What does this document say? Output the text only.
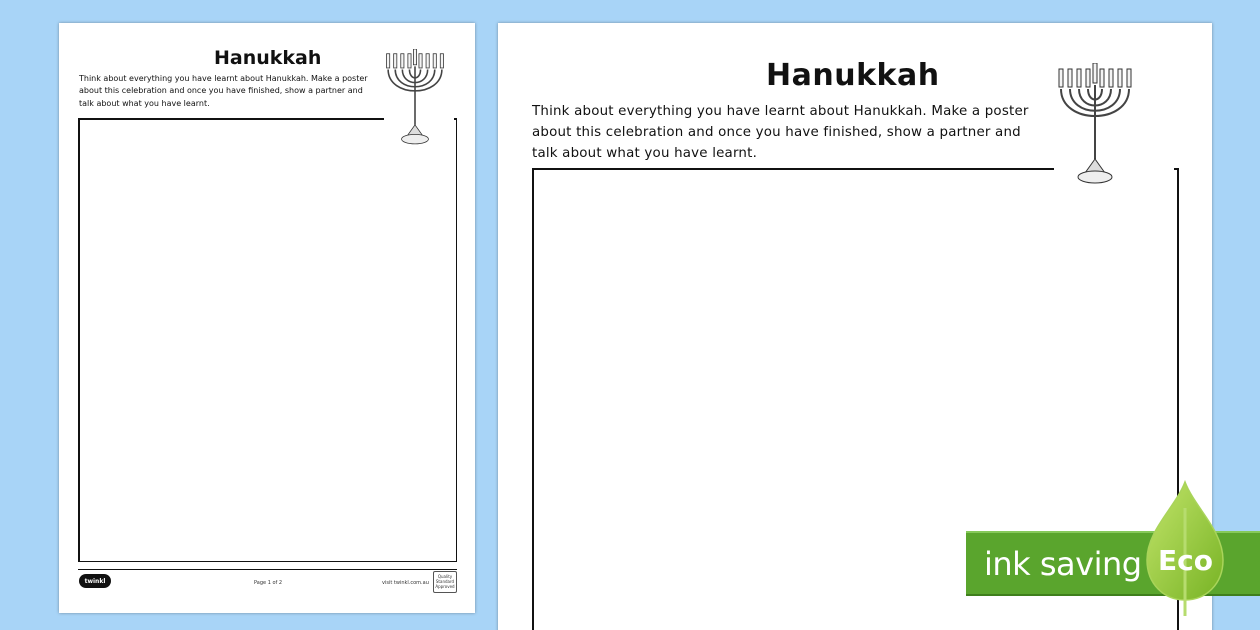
Hanukkah
Think about everything you have learnt about Hanukkah. Make a poster about this celebration and once you have finished, show a partner and talk about what you have learnt.
twinkl	Page 1 of 2	visit twinkl.com.au
Quality Standard Approved
Hanukkah
Think about everything you have learnt about Hanukkah. Make a poster about this celebration and once you have finished, show a partner and talk about what you have learnt.
ink saving Eco
